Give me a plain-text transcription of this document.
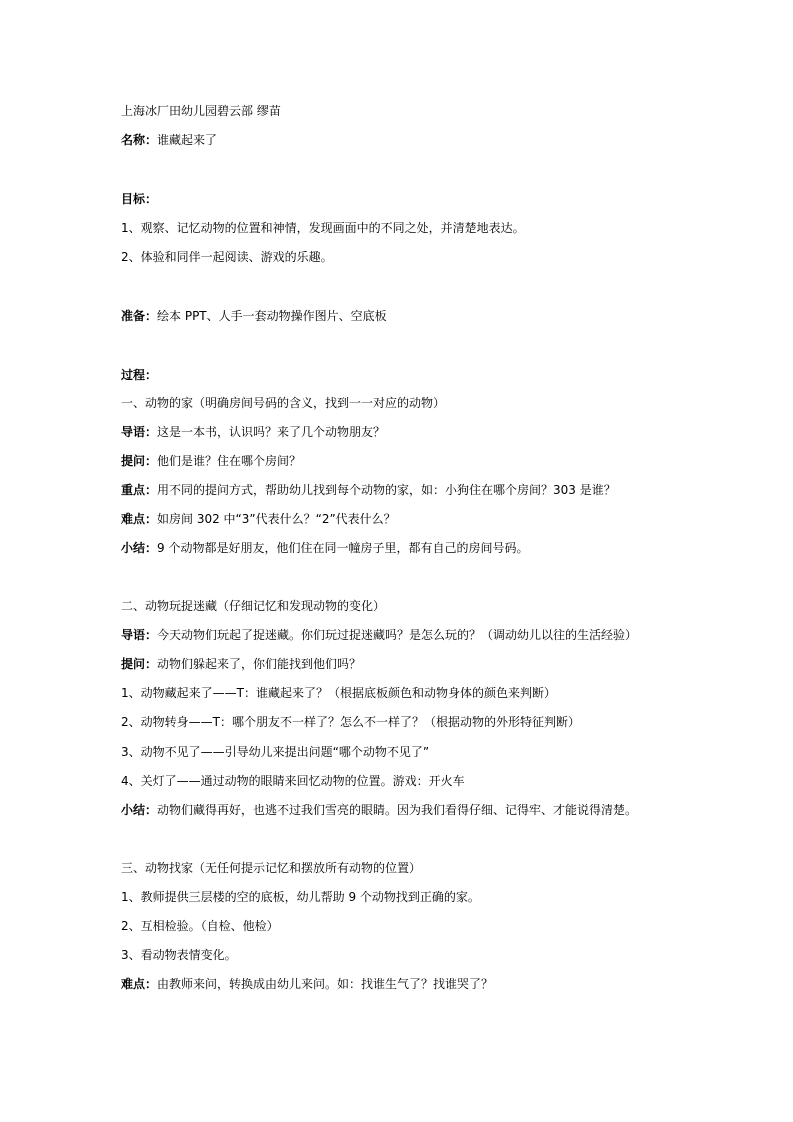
上海冰厂田幼儿园碧云部 缪苗
名称：谁藏起来了
目标：
1、观察、记忆动物的位置和神情，发现画面中的不同之处，并清楚地表达。
2、体验和同伴一起阅读、游戏的乐趣。
准备：绘本 PPT、人手一套动物操作图片、空底板
过程：
一、动物的家（明确房间号码的含义，找到一一对应的动物）
导语：这是一本书，认识吗？来了几个动物朋友？
提问：他们是谁？住在哪个房间？
重点：用不同的提问方式，帮助幼儿找到每个动物的家，如：小狗住在哪个房间？303 是谁？
难点：如房间 302 中“3”代表什么？“2”代表什么？
小结：9 个动物都是好朋友，他们住在同一幢房子里，都有自己的房间号码。
二、动物玩捉迷藏（仔细记忆和发现动物的变化）
导语：今天动物们玩起了捉迷藏。你们玩过捉迷藏吗？是怎么玩的？（调动幼儿以往的生活经验）
提问：动物们躲起来了，你们能找到他们吗？
1、动物藏起来了——T：谁藏起来了？（根据底板颜色和动物身体的颜色来判断）
2、动物转身——T：哪个朋友不一样了？怎么不一样了？（根据动物的外形特征判断）
3、动物不见了——引导幼儿来提出问题“哪个动物不见了”
4、关灯了——通过动物的眼睛来回忆动物的位置。游戏：开火车
小结：动物们藏得再好，也逃不过我们雪亮的眼睛。因为我们看得仔细、记得牢、才能说得清楚。
三、动物找家（无任何提示记忆和摆放所有动物的位置）
1、教师提供三层楼的空的底板，幼儿帮助 9 个动物找到正确的家。
2、互相检验。（自检、他检）
3、看动物表情变化。
难点：由教师来问，转换成由幼儿来问。如：找谁生气了？找谁哭了？
